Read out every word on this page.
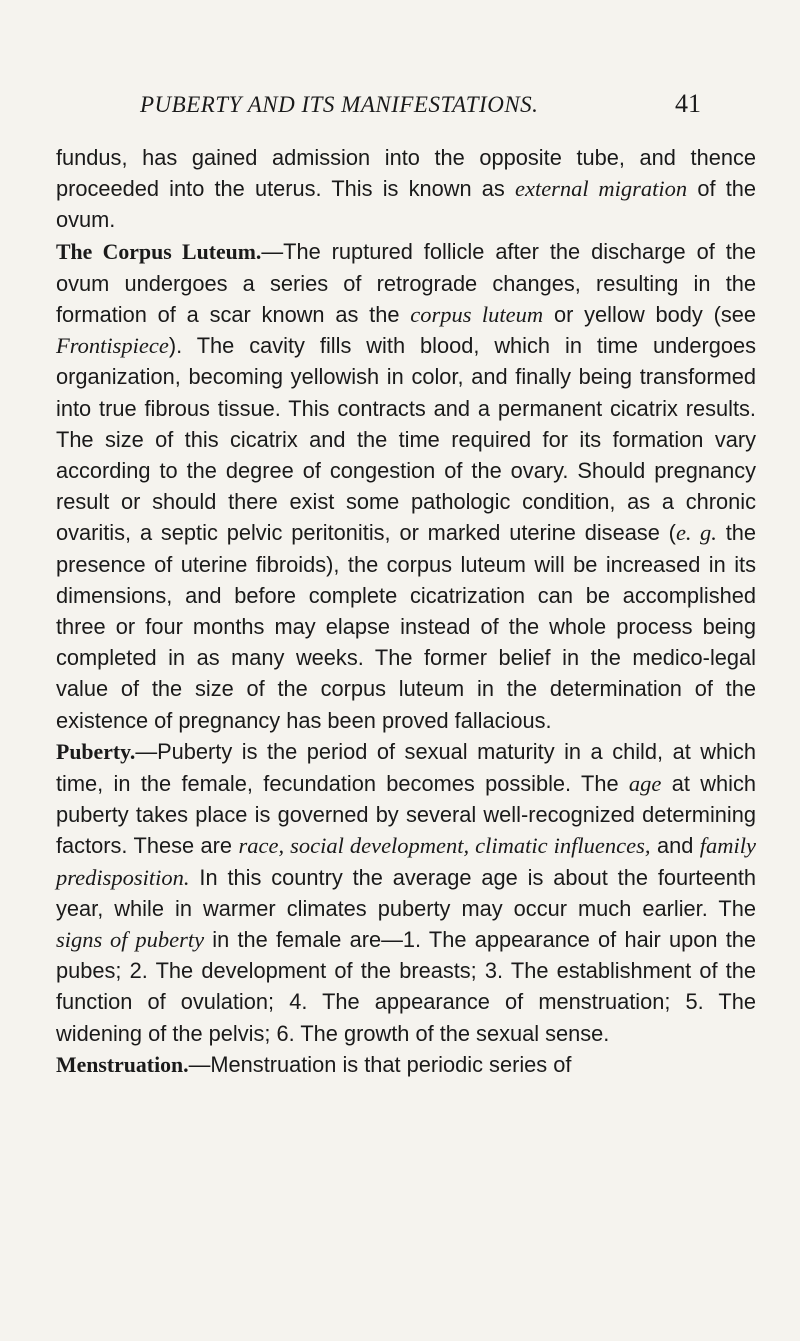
PUBERTY AND ITS MANIFESTATIONS.	41

fundus, has gained admission into the opposite tube, and thence proceeded into the uterus. This is known as external migration of the ovum.

The Corpus Luteum.—The ruptured follicle after the discharge of the ovum undergoes a series of retrograde changes, resulting in the formation of a scar known as the corpus luteum or yellow body (see Frontispiece). The cavity fills with blood, which in time undergoes organization, becoming yellowish in color, and finally being transformed into true fibrous tissue. This contracts and a permanent cicatrix results. The size of this cicatrix and the time required for its formation vary according to the degree of congestion of the ovary. Should pregnancy result or should there exist some pathologic condition, as a chronic ovaritis, a septic pelvic peritonitis, or marked uterine disease (e. g. the presence of uterine fibroids), the corpus luteum will be increased in its dimensions, and before complete cicatrization can be accomplished three or four months may elapse instead of the whole process being completed in as many weeks. The former belief in the medico-legal value of the size of the corpus luteum in the determination of the existence of pregnancy has been proved fallacious.

Puberty.—Puberty is the period of sexual maturity in a child, at which time, in the female, fecundation becomes possible. The age at which puberty takes place is governed by several well-recognized determining factors. These are race, social development, climatic influences, and family predisposition. In this country the average age is about the fourteenth year, while in warmer climates puberty may occur much earlier. The signs of puberty in the female are—1. The appearance of hair upon the pubes; 2. The development of the breasts; 3. The establishment of the function of ovulation; 4. The appearance of menstruation; 5. The widening of the pelvis; 6. The growth of the sexual sense.

Menstruation.—Menstruation is that periodic series of
